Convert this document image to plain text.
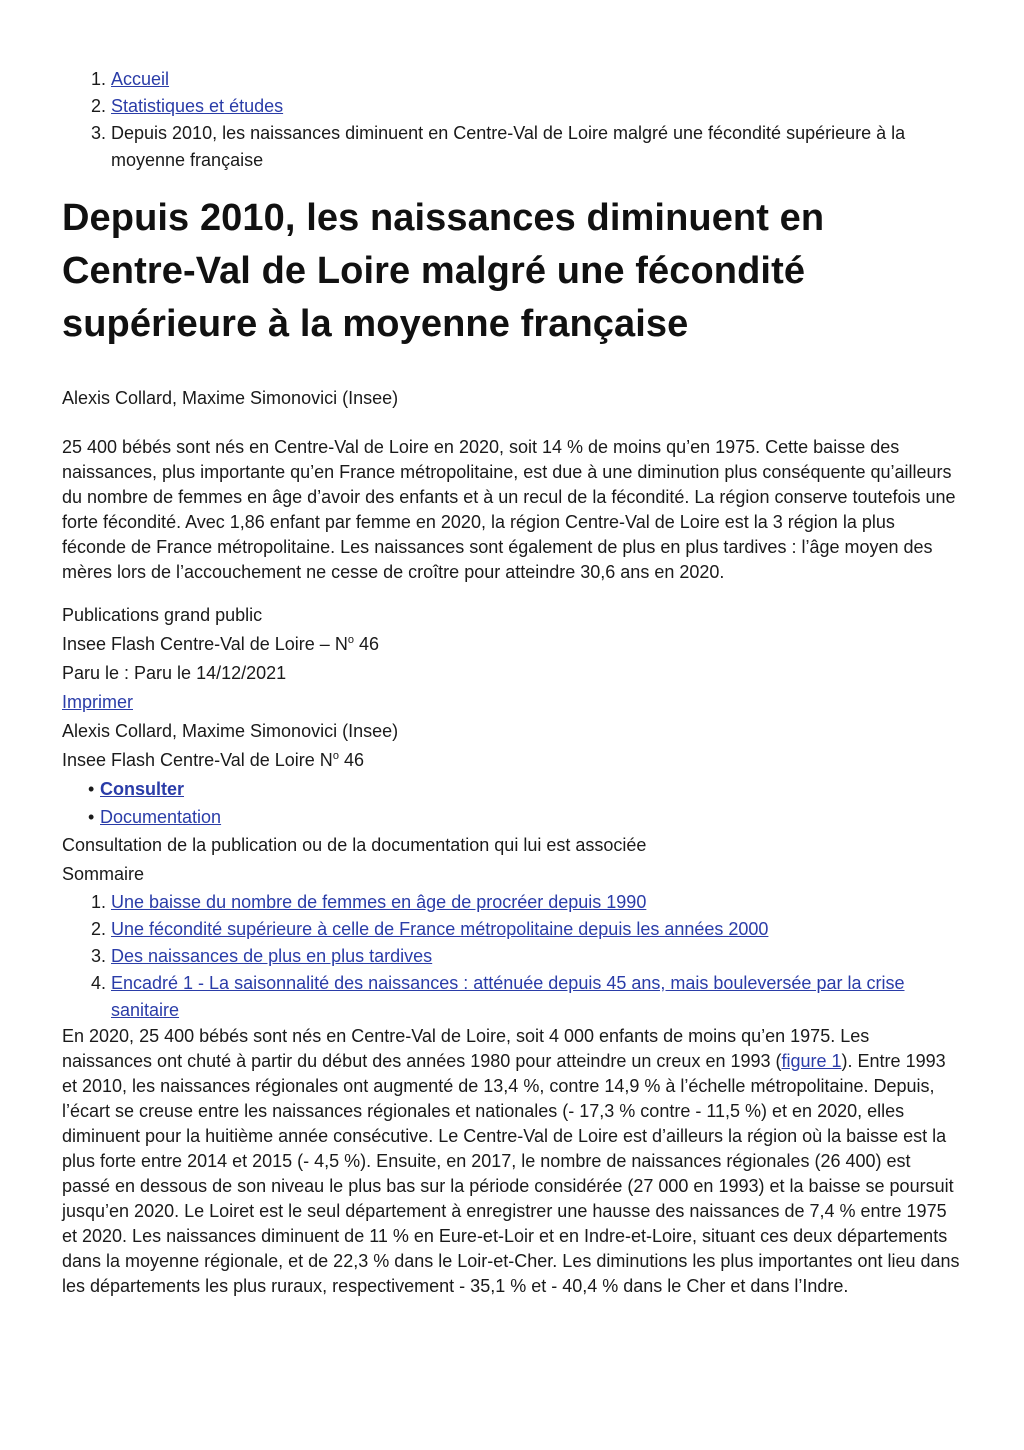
1. Accueil
2. Statistiques et études
3. Depuis 2010, les naissances diminuent en Centre-Val de Loire malgré une fécondité supérieure à la moyenne française
Depuis 2010, les naissances diminuent en Centre-Val de Loire malgré une fécondité supérieure à la moyenne française

Alexis Collard, Maxime Simonovici (Insee)

25 400 bébés sont nés en Centre-Val de Loire en 2020, soit 14 % de moins qu’en 1975. Cette baisse des naissances, plus importante qu’en France métropolitaine, est due à une diminution plus conséquente qu’ailleurs du nombre de femmes en âge d’avoir des enfants et à un recul de la fécondité. La région conserve toutefois une forte fécondité. Avec 1,86 enfant par femme en 2020, la région Centre-Val de Loire est la 3 région la plus féconde de France métropolitaine. Les naissances sont également de plus en plus tardives : l’âge moyen des mères lors de l’accouchement ne cesse de croître pour atteindre 30,6 ans en 2020.

Publications grand public
Insee Flash Centre-Val de Loire – $N^o$ 46
Paru le : Paru le 14/12/2021
Imprimer
Alexis Collard, Maxime Simonovici (Insee)
Insee Flash Centre-Val de Loire $N^o$ 46
• Consulter
• Documentation
Consultation de la publication ou de la documentation qui lui est associée
Sommaire
1. Une baisse du nombre de femmes en âge de procréer depuis 1990
2. Une fécondité supérieure à celle de France métropolitaine depuis les années 2000
3. Des naissances de plus en plus tardives
4. Encadré 1 - La saisonnalité des naissances : atténuée depuis 45 ans, mais bouleversée par la crise sanitaire

En 2020, 25 400 bébés sont nés en Centre-Val de Loire, soit 4 000 enfants de moins qu’en 1975. Les naissances ont chuté à partir du début des années 1980 pour atteindre un creux en 1993 (figure 1). Entre 1993 et 2010, les naissances régionales ont augmenté de 13,4 %, contre 14,9 % à l’échelle métropolitaine. Depuis, l’écart se creuse entre les naissances régionales et nationales (- 17,3 % contre - 11,5 %) et en 2020, elles diminuent pour la huitième année consécutive. Le Centre-Val de Loire est d’ailleurs la région où la baisse est la plus forte entre 2014 et 2015 (- 4,5 %). Ensuite, en 2017, le nombre de naissances régionales (26 400) est passé en dessous de son niveau le plus bas sur la période considérée (27 000 en 1993) et la baisse se poursuit jusqu’en 2020. Le Loiret est le seul département à enregistrer une hausse des naissances de 7,4 % entre 1975 et 2020. Les naissances diminuent de 11 % en Eure-et-Loir et en Indre-et-Loire, situant ces deux départements dans la moyenne régionale, et de 22,3 % dans le Loir-et-Cher. Les diminutions les plus importantes ont lieu dans les départements les plus ruraux, respectivement - 35,1 % et - 40,4 % dans le Cher et dans l’Indre.
